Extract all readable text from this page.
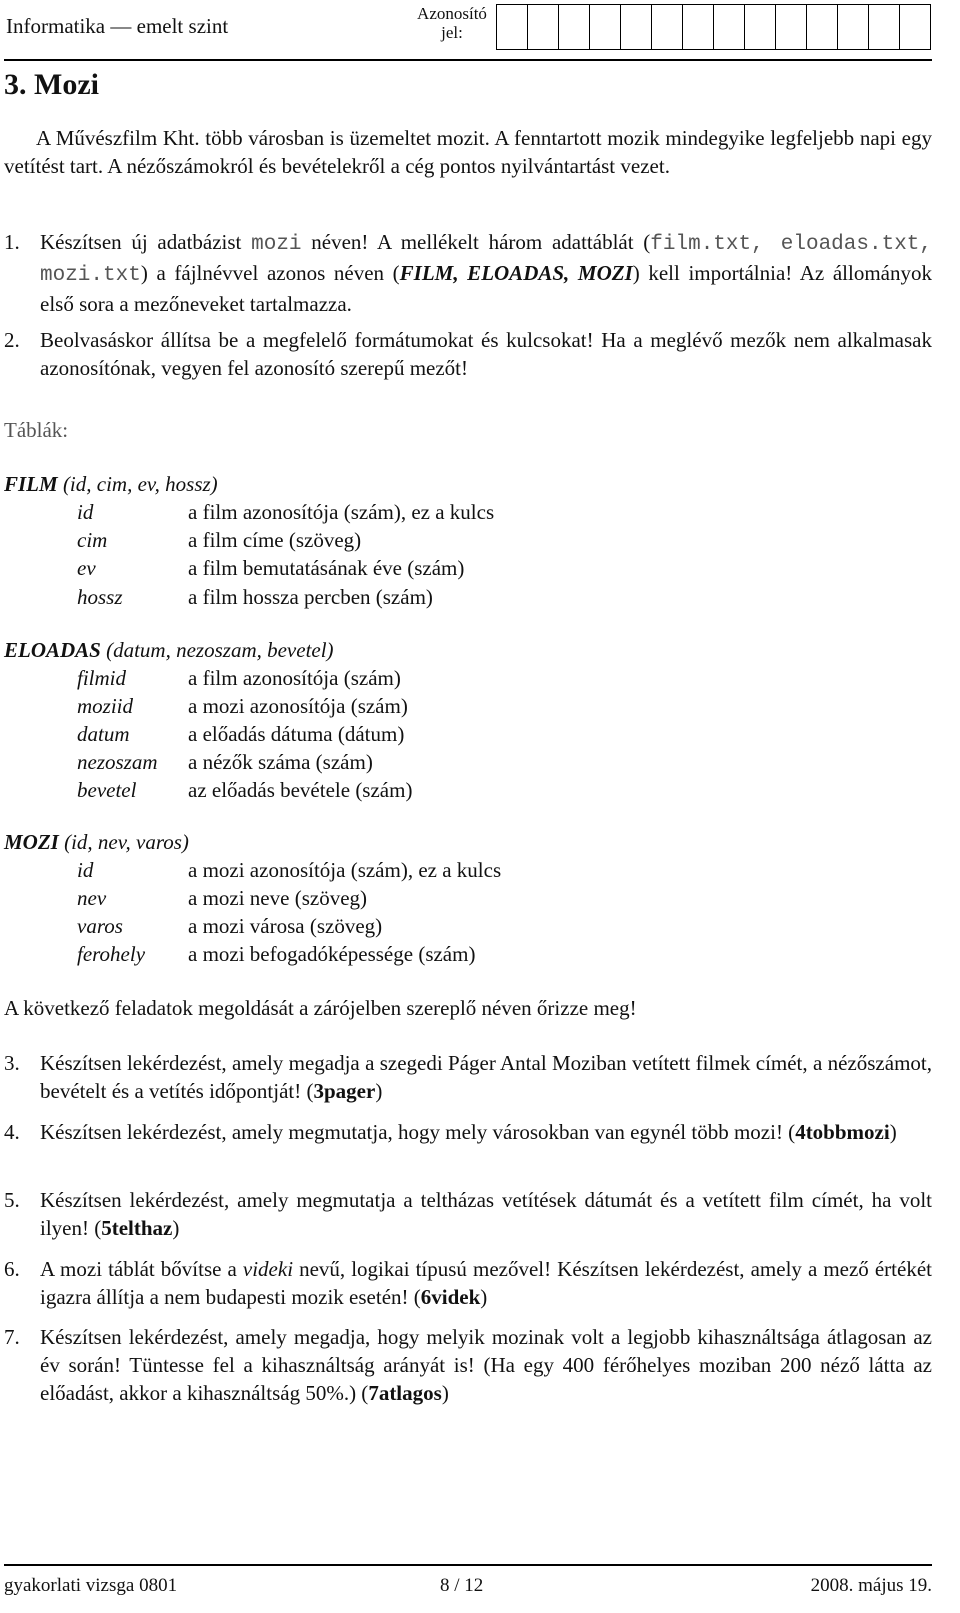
Informatika — emelt szint
Azonosító
jel:
3. Mozi
A Művészfilm Kht. több városban is üzemeltet mozit. A fenntartott mozik mindegyike legfeljebb napi egy vetítést tart. A nézőszámokról és bevételekről a cég pontos nyilvántartást vezet.
1. Készítsen új adatbázist mozi néven! A mellékelt három adattáblát (film.txt, eloadas.txt, mozi.txt) a fájlnévvel azonos néven (FILM, ELOADAS, MOZI) kell importálnia! Az állományok első sora a mezőneveket tartalmazza.
2. Beolvasáskor állítsa be a megfelelő formátumokat és kulcsokat! Ha a meglévő mezők nem alkalmasak azonosítónak, vegyen fel azonosító szerepű mezőt!
Táblák:
FILM (id, cim, ev, hossz)
id	a film azonosítója (szám), ez a kulcs
cim	a film címe (szöveg)
ev	a film bemutatásának éve (szám)
hossz	a film hossza percben (szám)
ELOADAS (datum, nezoszam, bevetel)
filmid	a film azonosítója (szám)
moziid	a mozi azonosítója (szám)
datum	a előadás dátuma (dátum)
nezoszam a nézők száma (szám)
bevetel az előadás bevétele (szám)
MOZI (id, nev, varos)
id	a mozi azonosítója (szám), ez a kulcs
nev	a mozi neve (szöveg)
varos	a mozi városa (szöveg)
ferohely a mozi befogadóképessége (szám)
A következő feladatok megoldását a zárójelben szereplő néven őrizze meg!
3. Készítsen lekérdezést, amely megadja a szegedi Páger Antal Moziban vetített filmek címét, a nézőszámot, bevételt és a vetítés időpontját! (3pager)
4. Készítsen lekérdezést, amely megmutatja, hogy mely városokban van egynél több mozi! (4tobbmozi)
5. Készítsen lekérdezést, amely megmutatja a teltházas vetítések dátumát és a vetített film címét, ha volt ilyen! (5telthaz)
6. A mozi táblát bővítse a videki nevű, logikai típusú mezővel! Készítsen lekérdezést, amely a mező értékét igazra állítja a nem budapesti mozik esetén! (6videk)
7. Készítsen lekérdezést, amely megadja, hogy melyik mozinak volt a legjobb kihasználtsága átlagosan az év során! Tüntesse fel a kihasználtság arányát is! (Ha egy 400 férőhelyes moziban 200 néző látta az előadást, akkor a kihasználtság 50%.) (7atlagos)
gyakorlati vizsga 0801	8 / 12	2008. május 19.
